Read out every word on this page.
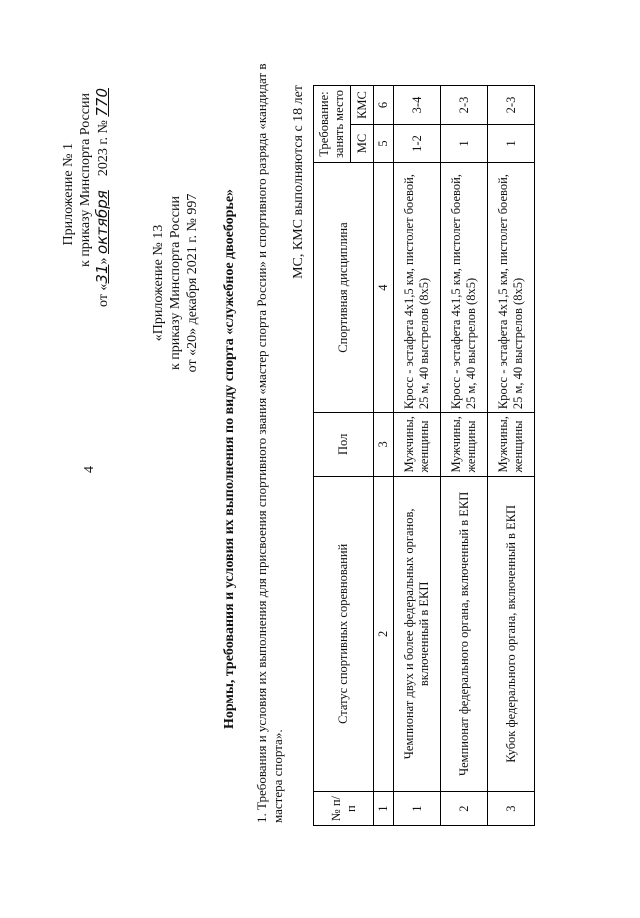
4
Приложение № 1 к приказу Минспорта России
от «31» октября    2023 г. № 770
«Приложение № 13 к приказу Минспорта России от «20» декабря 2021 г. № 997 Нормы, требования и условия их выполнения по виду спорта «служебное двоеборье» 1. Требования и условия их выполнения для присвоения спортивного звания «мастер спорта России» и спортивного разряда «кандидат в мастера спорта».
МС, КМС выполняются с 18 лет
№ п/п	Статус спортивных соревнований	Пол	Спортивная дисциплина	Требование: занять место	
				МС	КМС
1	2	3	4	5	6
1	Чемпионат двух и более федеральных органов, включенный в ЕКП	Мужчины, женщины	Кросс - эстафета 4х1,5 км, пистолет боевой, 25 м, 40 выстрелов (8х5)	1-2	3-4
2	Чемпионат федерального органа, включенный в ЕКП	Мужчины, женщины	Кросс - эстафета 4х1,5 км, пистолет боевой, 25 м, 40 выстрелов (8х5)	1	2-3
3	Кубок федерального органа, включенный в ЕКП	Мужчины, женщины	Кросс - эстафета 4х1,5 км, пистолет боевой, 25 м, 40 выстрелов (8х5)	1	2-3
